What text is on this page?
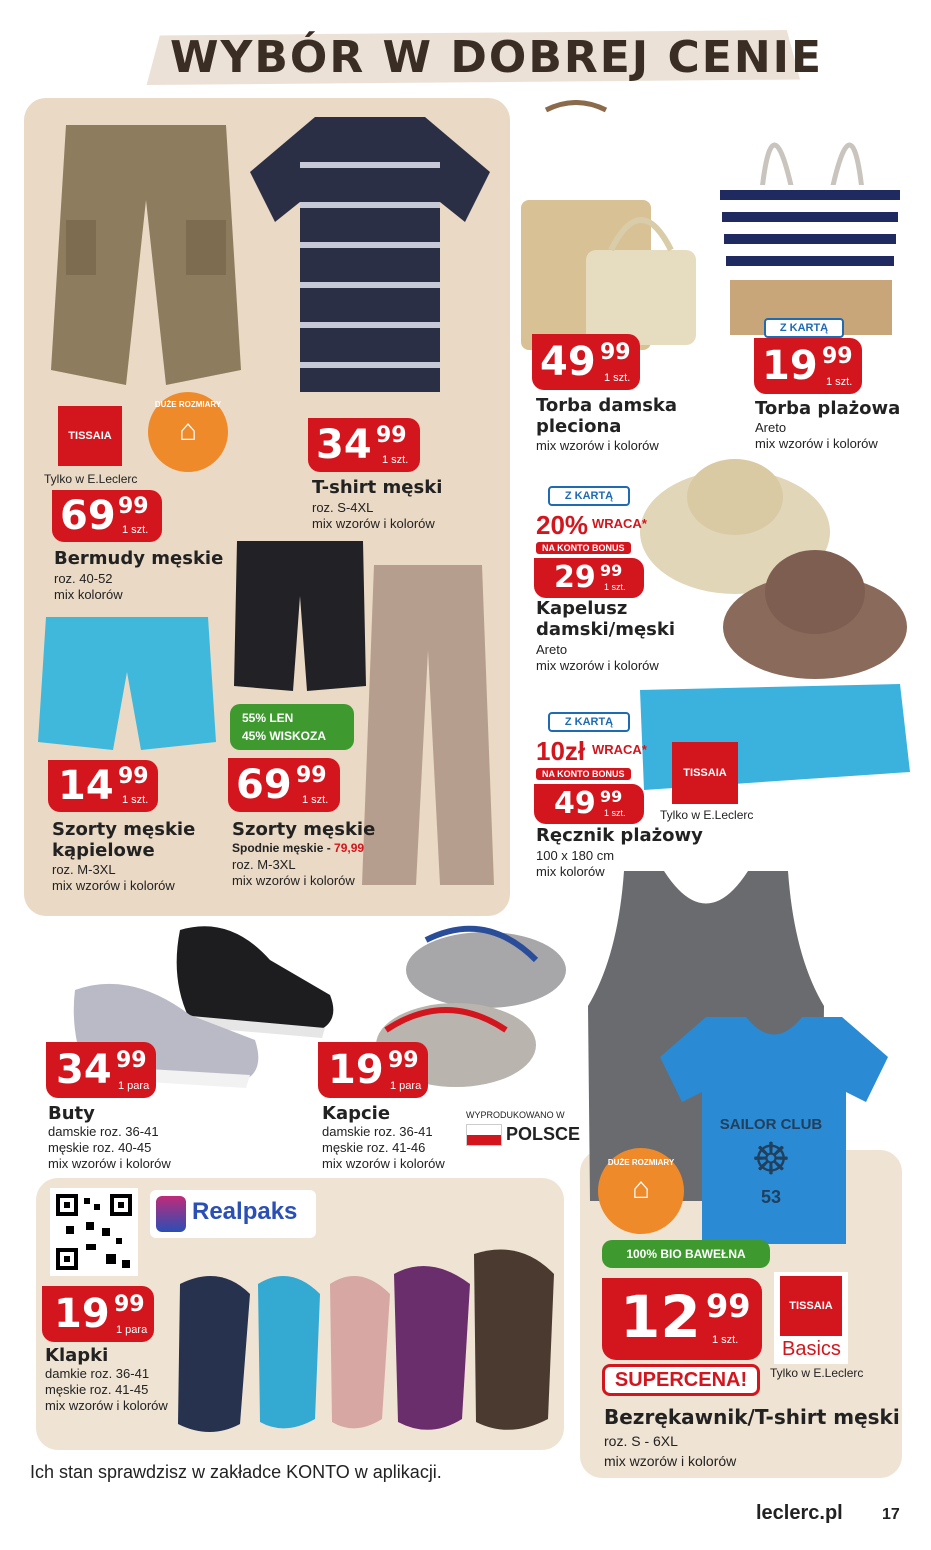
WYBÓR W DOBREJ CENIE
TISSAIA
DUŻE ROZMIARY
⌂
Tylko w E.Leclerc
69 99
1 szt.
Bermudy męskie
roz. 40-52
mix kolorów
34 99
1 szt.
T-shirt męski
roz. S-4XL
mix wzorów i kolorów
49 99
1 szt.
Torba damska
pleciona
mix wzorów i kolorów
Z KARTĄ
19 99
1 szt.
Torba plażowa
Areto
mix wzorów i kolorów
Z KARTĄ
20% WRACA*
NA KONTO BONUS
29 99
1 szt.
Kapelusz
damski/męski
Areto
mix wzorów i kolorów
14 99
1 szt.
Szorty męskie
kąpielowe
roz. M-3XL
mix wzorów i kolorów
55% LEN
45% WISKOZA
69 99
1 szt.
Szorty męskie
Spodnie męskie - 79,99
roz. M-3XL
mix wzorów i kolorów
TISSAIA
Tylko w E.Leclerc
Z KARTĄ
10zł WRACA*
NA KONTO BONUS
49 99
1 szt.
Ręcznik plażowy
100 x 180 cm
mix kolorów
34 99
1 para
Buty
damskie roz. 36-41
męskie roz. 40-45
mix wzorów i kolorów
19 99
1 para
Kapcie
damskie roz. 36-41
męskie roz. 41-46
mix wzorów i kolorów
WYPRODUKOWANO W
POLSCE
Realpaks
19 99
1 para
Klapki
damkie roz. 36-41
męskie roz. 41-45
mix wzorów i kolorów
SAILOR CLUB
☸
53
DUŻE ROZMIARY
⌂
100% BIO BAWEŁNA
12 99
1 szt.
SUPERCENA!
TISSAIA
Basics
Tylko w E.Leclerc
Bezrękawnik/T-shirt męski
roz. S - 6XL
mix wzorów i kolorów
Ich stan sprawdzisz w zakładce KONTO w aplikacji.
leclerc.pl 17
